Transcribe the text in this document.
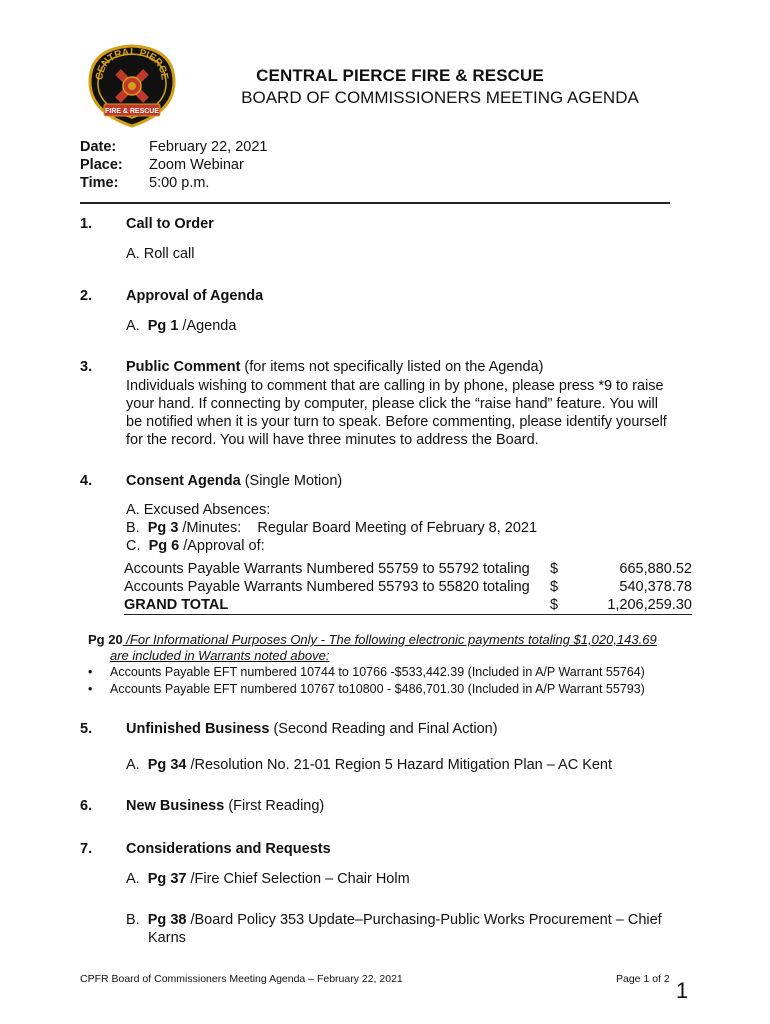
CENTRAL PIERCE
FIRE & RESCUE
CENTRAL PIERCE FIRE & RESCUE
BOARD OF COMMISSIONERS MEETING AGENDA
Date: February 22, 2021
Place: Zoom Webinar
Time: 5:00 p.m.
1. Call to Order
A. Roll call
2. Approval of Agenda
A.  Pg 1 /Agenda
3. Public Comment (for items not specifically listed on the Agenda)
Individuals wishing to comment that are calling in by phone, please press *9 to raise
your hand. If connecting by computer, please click the “raise hand” feature. You will
be notified when it is your turn to speak. Before commenting, please identify yourself
for the record. You will have three minutes to address the Board.
4. Consent Agenda (Single Motion)
A. Excused Absences:
B.  Pg 3 /Minutes:    Regular Board Meeting of February 8, 2021
C.  Pg 6 /Approval of:
Accounts Payable Warrants Numbered 55759 to 55792 totaling	$	665,880.52
Accounts Payable Warrants Numbered 55793 to 55820 totaling	$	540,378.78
GRAND TOTAL	$	1,206,259.30
Pg 20 /For Informational Purposes Only - The following electronic payments totaling $1,020,143.69
are included in Warrants noted above:
• Accounts Payable EFT numbered 10744 to 10766 -$533,442.39 (Included in A/P Warrant 55764)
• Accounts Payable EFT numbered 10767 to10800 - $486,701.30 (Included in A/P Warrant 55793)
5. Unfinished Business (Second Reading and Final Action)
A.  Pg 34 /Resolution No. 21-01 Region 5 Hazard Mitigation Plan – AC Kent
6. New Business (First Reading)
7. Considerations and Requests
A.  Pg 37 /Fire Chief Selection – Chair Holm
B.  Pg 38 /Board Policy 353 Update–Purchasing-Public Works Procurement – Chief
Karns
CPFR Board of Commissioners Meeting Agenda – February 22, 2021	Page 1 of 2 1
